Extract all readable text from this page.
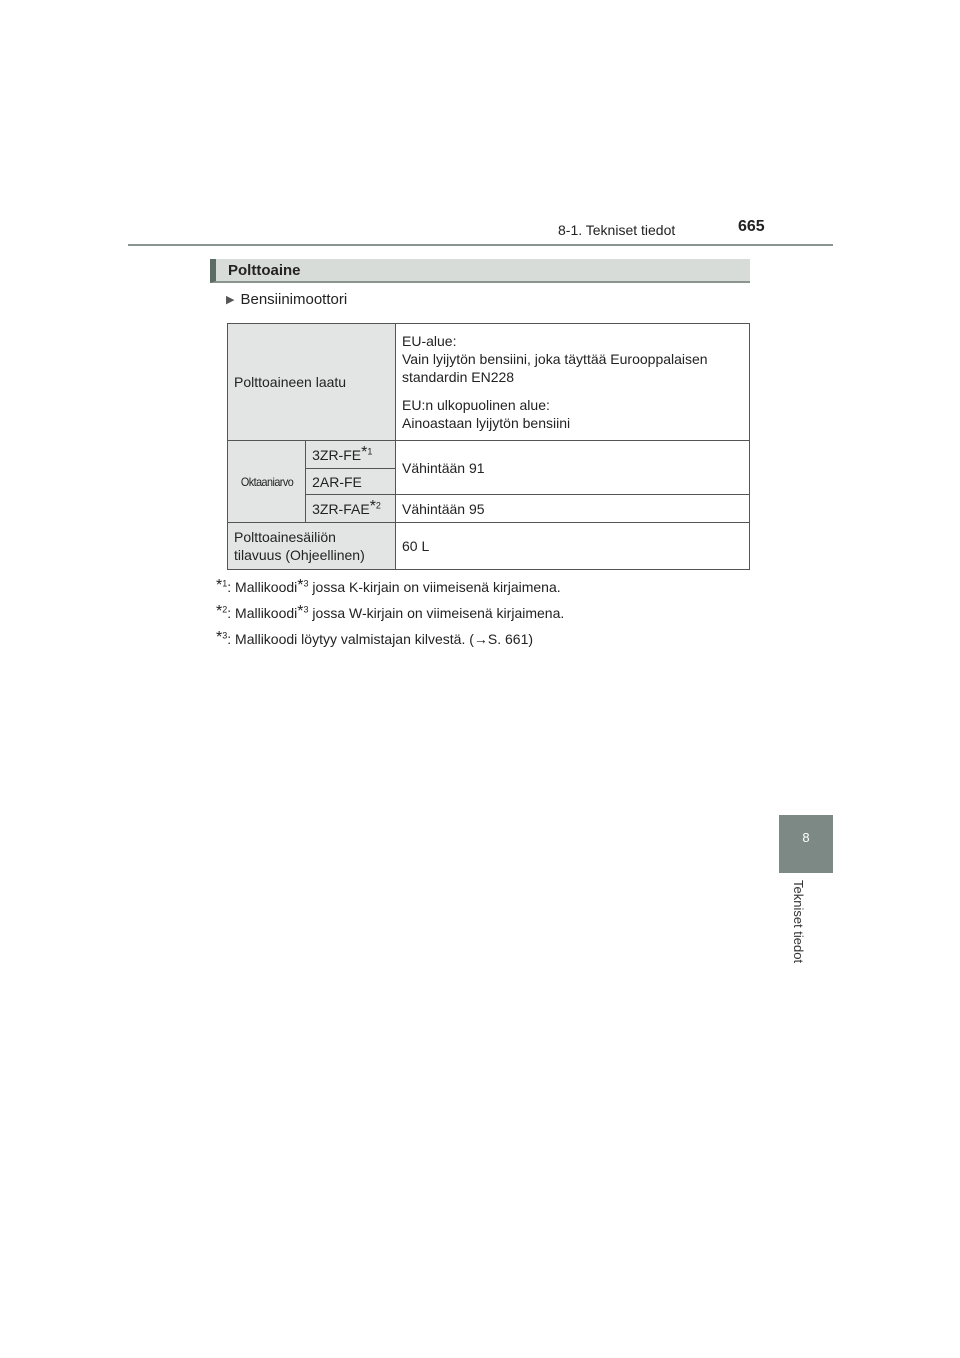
8-1. Tekniset tiedot	665
Polttoaine
▶ Bensiinimoottori
Polttoaineen laatu		EU-alue:

Vain lyijytön bensiini, joka täyttää Eurooppalaisen standardin EN228

EU:n ulkopuolinen alue:

Ainoastaan lyijytön bensiini

Oktaaniarvo	3ZR-FE*$^1$	Vähintään 91
	2AR-FE	
	3ZR-FAE*$^2$	Vähintään 95

Polttoainesäiliön

tilavuus (Ohjeellinen)		60 L
*$^1$: Mallikoodi*$^3$ jossa K-kirjain on viimeisenä kirjaimena.
*$^2$: Mallikoodi*$^3$ jossa W-kirjain on viimeisenä kirjaimena.
*$^3$: Mallikoodi löytyy valmistajan kilvestä. (→S. 661)
8
Tekniset tiedot
